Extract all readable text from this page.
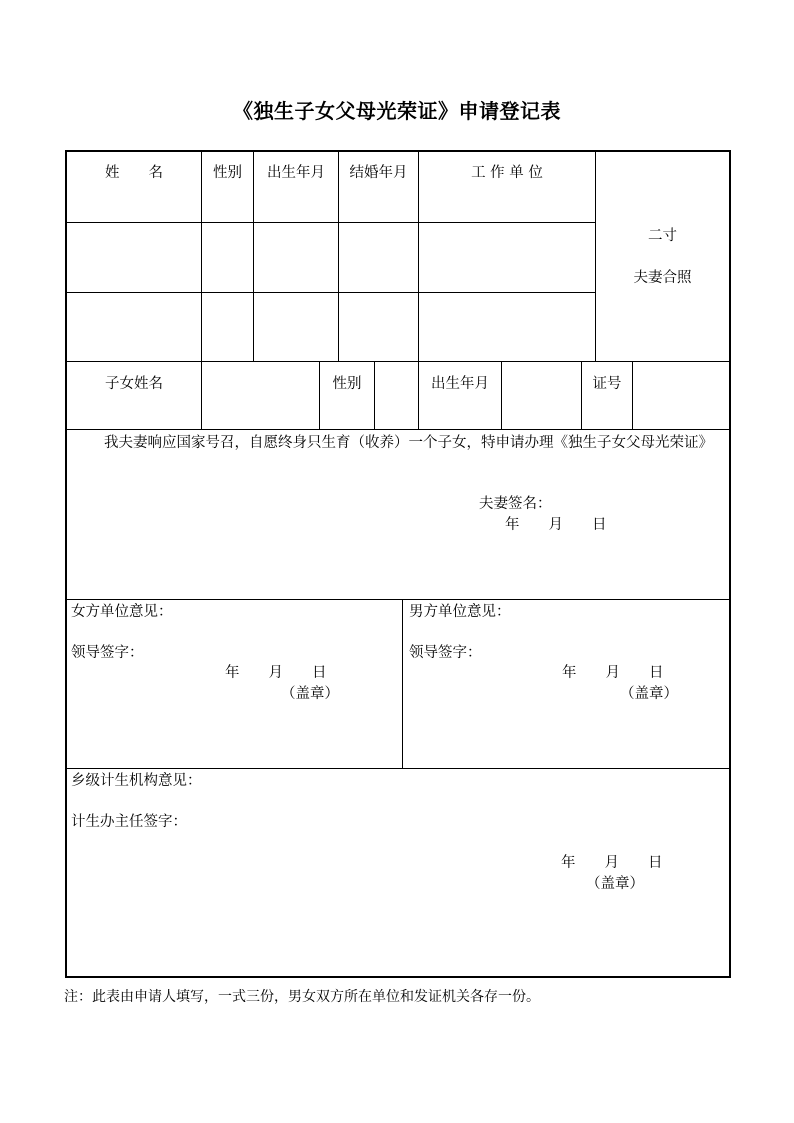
《独生子女父母光荣证》申请登记表
姓　　名	性别	出生年月	结婚年月	工 作 单 位
二寸
夫妻合照
子女姓名	性别	出生年月	证号
我夫妻响应国家号召，自愿终身只生育（收养）一个子女，特申请办理《独生子女父母光荣证》
夫妻签名：
年　　月　　日
女方单位意见：
领导签字：
年　　月　　日
（盖章）
男方单位意见：
领导签字：
年　　月　　日
（盖章）
乡级计生机构意见：
计生办主任签字：
年　　月　　日
（盖章）
注：此表由申请人填写，一式三份，男女双方所在单位和发证机关各存一份。
